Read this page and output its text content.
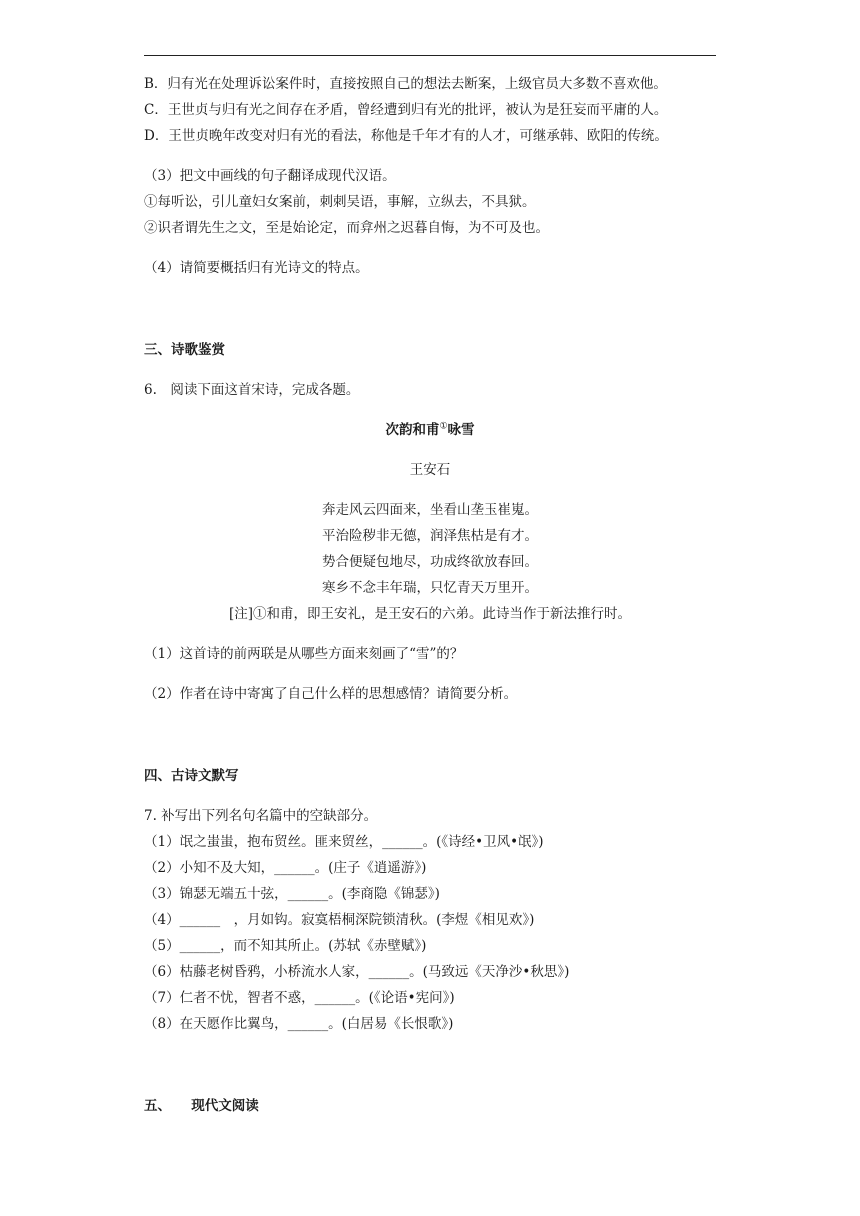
B．归有光在处理诉讼案件时，直接按照自己的想法去断案，上级官员大多数不喜欢他。
C．王世贞与归有光之间存在矛盾，曾经遭到归有光的批评，被认为是狂妄而平庸的人。
D．王世贞晚年改变对归有光的看法，称他是千年才有的人才，可继承韩、欧阳的传统。
（3）把文中画线的句子翻译成现代汉语。
①每听讼，引儿童妇女案前，刺刺吴语，事解，立纵去，不具狱。
②识者谓先生之文，至是始论定，而弇州之迟暮自悔，为不可及也。
（4）请简要概括归有光诗文的特点。
三、诗歌鉴赏
6.　阅读下面这首宋诗，完成各题。
次韵和甫①咏雪
王安石
奔走风云四面来，坐看山垄玉崔嵬。
平治险秽非无德，润泽焦枯是有才。
势合便疑包地尽，功成终欲放春回。
寒乡不念丰年瑞，只忆青天万里开。
[注]①和甫，即王安礼，是王安石的六弟。此诗当作于新法推行时。
（1）这首诗的前两联是从哪些方面来刻画了“雪”的？
（2）作者在诗中寄寓了自己什么样的思想感情？请简要分析。
四、古诗文默写
7. 补写出下列名句名篇中的空缺部分。
（1）氓之蚩蚩，抱布贸丝。匪来贸丝，______。(《诗经•卫风•氓》)
（2）小知不及大知，______。(庄子《逍遥游》)
（3）锦瑟无端五十弦，______。(李商隐《锦瑟》)
（4）______　，月如钩。寂寞梧桐深院锁清秋。(李煜《相见欢》)
（5）______，而不知其所止。(苏轼《赤壁赋》)
（6）枯藤老树昏鸦，小桥流水人家，______。(马致远《天净沙•秋思》)
（7）仁者不忧，智者不惑，______。(《论语•宪问》)
（8）在天愿作比翼鸟，______。(白居易《长恨歌》)
五、　　现代文阅读
